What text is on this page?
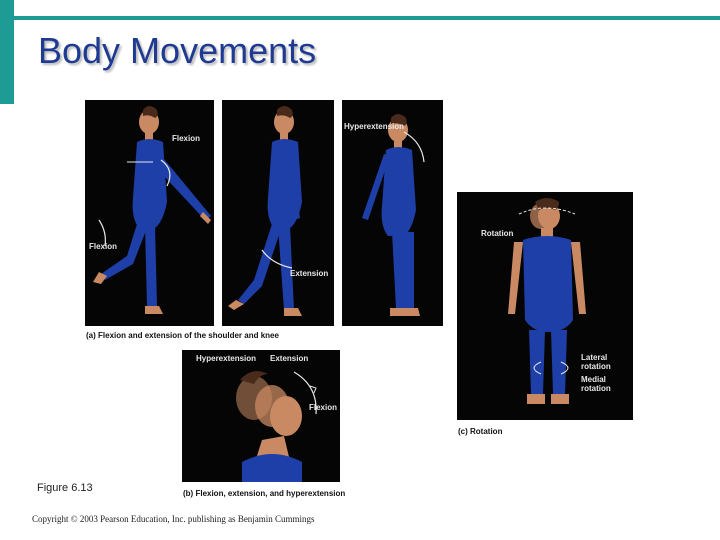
Body Movements
Flexion
Flexion
Extension
Hyperextension
(a) Flexion and extension of the shoulder and knee
Hyperextension Extension
Flexion
(b) Flexion, extension, and hyperextension
Rotation
Lateral
rotation
Medial
rotation
(c) Rotation
Figure 6.13
Copyright © 2003 Pearson Education, Inc. publishing as Benjamin Cummings
